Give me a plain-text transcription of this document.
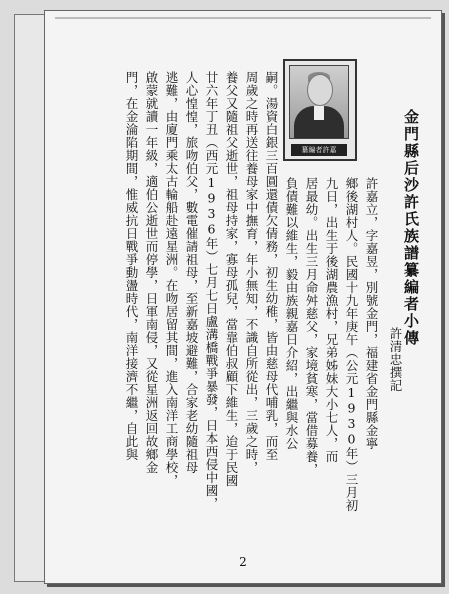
金門縣后沙許氏族譜纂編者小傳
許清忠撰記
纂編者許嘉
許嘉立，字嘉昱，別號金門，福建省金門縣金寧
鄉後湖村人。民國十九年庚午（公元1930年）三月初
九日，出生于後湖農漁村，兄弟姊妹大小七人，而
居最幼。出生三月命舛慈父，家境貧寒，當借募養，
負債難以維生，毅由族親嘉日介紹，出繼與水公
嗣。湯資白銀三百圓還債欠倩務，初生幼稚，皆由慈母代哺乳，而至
周歲之時再送往養母家中撫育，年小無知，不識自所從出，三歲之時，
養父又隨祖父逝世，祖母持家，寡母孤兒，當靠伯叔顧下維生，迨于民國
廿六年丁丑（西元1936年）七月七日盧溝橋戰爭暴發，日本西侵中國，
人心惶惶，旅吻伯父，數電催請祖母，至新嘉坡避難，合家老幼隨祖母
逃難，由廈門乘太古輪船赴遠星洲。在吻居留其間，進入南洋工商學校，
啟蒙就讀一年級，適伯公逝世而停學，日軍南侵，又從星洲返回故鄉金
門，在金淪陷期間，惟威抗日戰爭動盪時代，南洋接濟不繼，自此與
2
